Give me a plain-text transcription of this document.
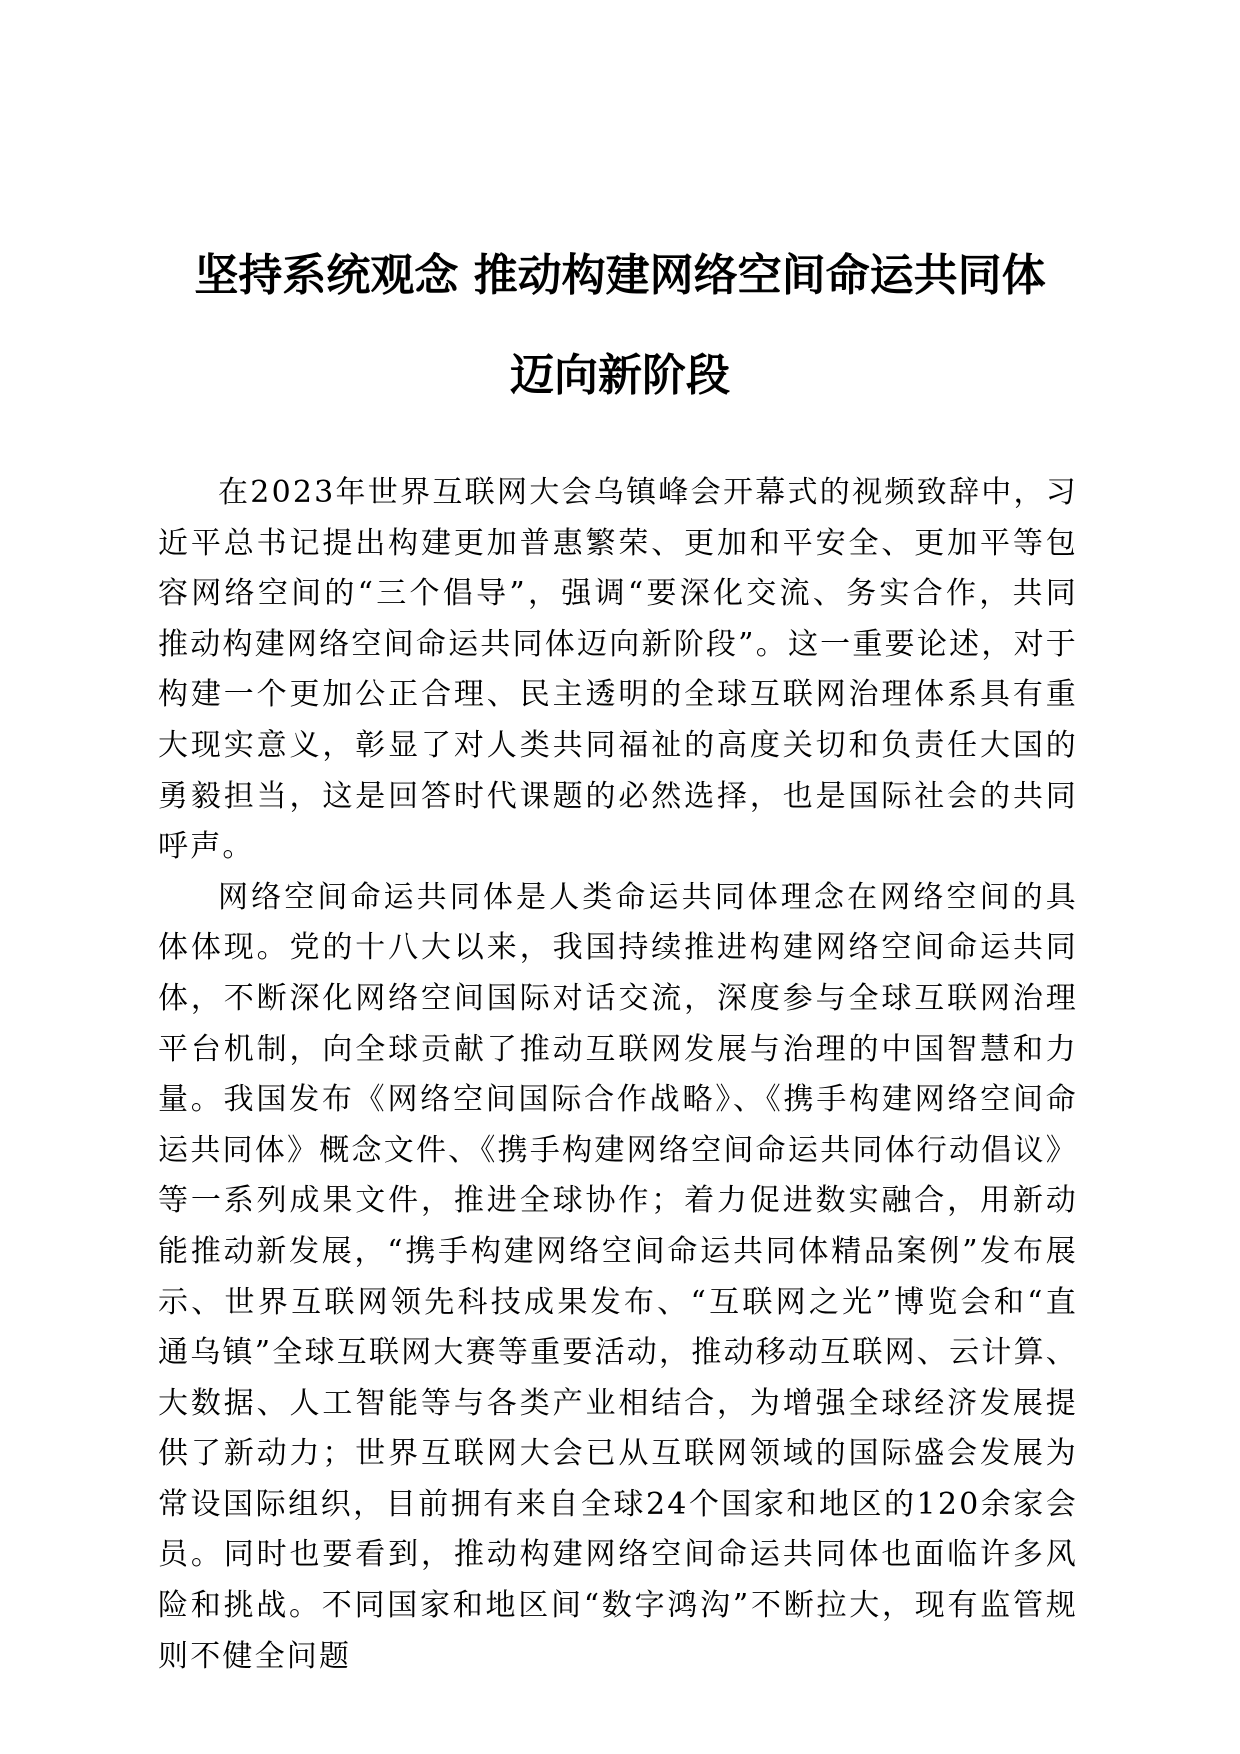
坚持系统观念 推动构建网络空间命运共同体
迈向新阶段

在2023年世界互联网大会乌镇峰会开幕式的视频致辞中，习近平总书记提出构建更加普惠繁荣、更加和平安全、更加平等包容网络空间的“三个倡导”，强调“要深化交流、务实合作，共同推动构建网络空间命运共同体迈向新阶段”。这一重要论述，对于构建一个更加公正合理、民主透明的全球互联网治理体系具有重大现实意义，彰显了对人类共同福祉的高度关切和负责任大国的勇毅担当，这是回答时代课题的必然选择，也是国际社会的共同呼声。

网络空间命运共同体是人类命运共同体理念在网络空间的具体体现。党的十八大以来，我国持续推进构建网络空间命运共同体，不断深化网络空间国际对话交流，深度参与全球互联网治理平台机制，向全球贡献了推动互联网发展与治理的中国智慧和力量。我国发布《网络空间国际合作战略》、《携手构建网络空间命运共同体》概念文件、《携手构建网络空间命运共同体行动倡议》等一系列成果文件，推进全球协作；着力促进数实融合，用新动能推动新发展，“携手构建网络空间命运共同体精品案例”发布展示、世界互联网领先科技成果发布、“互联网之光”博览会和“直通乌镇”全球互联网大赛等重要活动，推动移动互联网、云计算、大数据、人工智能等与各类产业相结合，为增强全球经济发展提供了新动力；世界互联网大会已从互联网领域的国际盛会发展为常设国际组织，目前拥有来自全球24个国家和地区的120余家会员。同时也要看到，推动构建网络空间命运共同体也面临许多风险和挑战。不同国家和地区间“数字鸿沟”不断拉大，现有监管规则不健全问题
